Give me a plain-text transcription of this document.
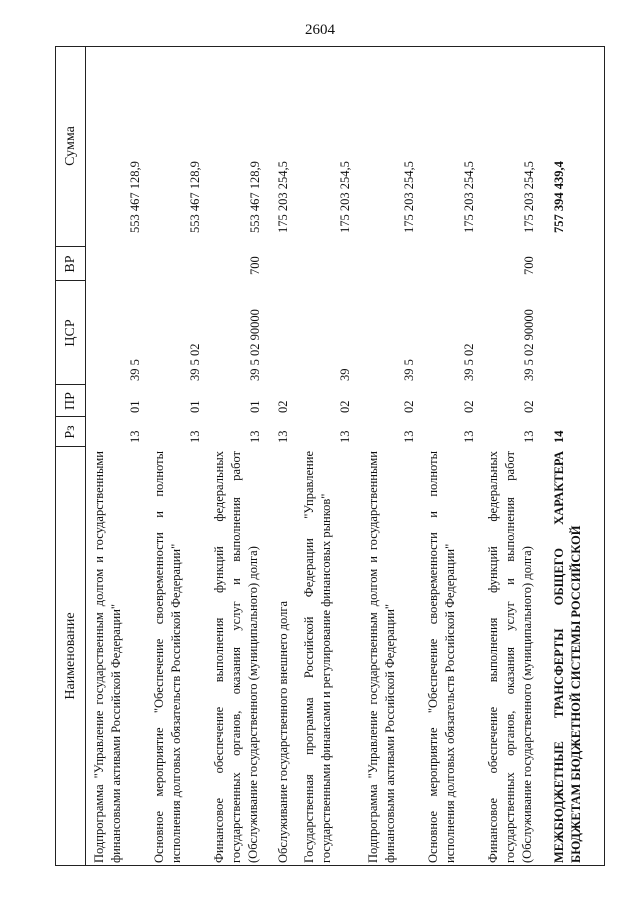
2604
Наименование
Рз
ПР
ЦСР
ВР
Сумма
Подпрограмма "Управление государственным долгом и государственными финансовыми активами Российской Федерации"
13
01
39 5
553 467 128,9
Основное мероприятие "Обеспечение своевременности и полноты исполнения долговых обязательств Российской Федерации"
13
01
39 5 02
553 467 128,9
Финансовое обеспечение выполнения функций федеральных государственных органов, оказания услуг и выполнения работ (Обслуживание государственного (муниципального) долга)
13
01
39 5 02 90000
700
553 467 128,9
Обслуживание государственного внешнего долга
13
02
175 203 254,5
Государственная программа Российской Федерации "Управление государственными финансами и регулирование финансовых рынков"
13
02
39
175 203 254,5
Подпрограмма "Управление государственным долгом и государственными финансовыми активами Российской Федерации"
13
02
39 5
175 203 254,5
Основное мероприятие "Обеспечение своевременности и полноты исполнения долговых обязательств Российской Федерации"
13
02
39 5 02
175 203 254,5
Финансовое обеспечение выполнения функций федеральных государственных органов, оказания услуг и выполнения работ (Обслуживание государственного (муниципального) долга)
13
02
39 5 02 90000
700
175 203 254,5
МЕЖБЮДЖЕТНЫЕ ТРАНСФЕРТЫ ОБЩЕГО ХАРАКТЕРА БЮДЖЕТАМ БЮДЖЕТНОЙ СИСТЕМЫ РОССИЙСКОЙ
14
757 394 439,4
